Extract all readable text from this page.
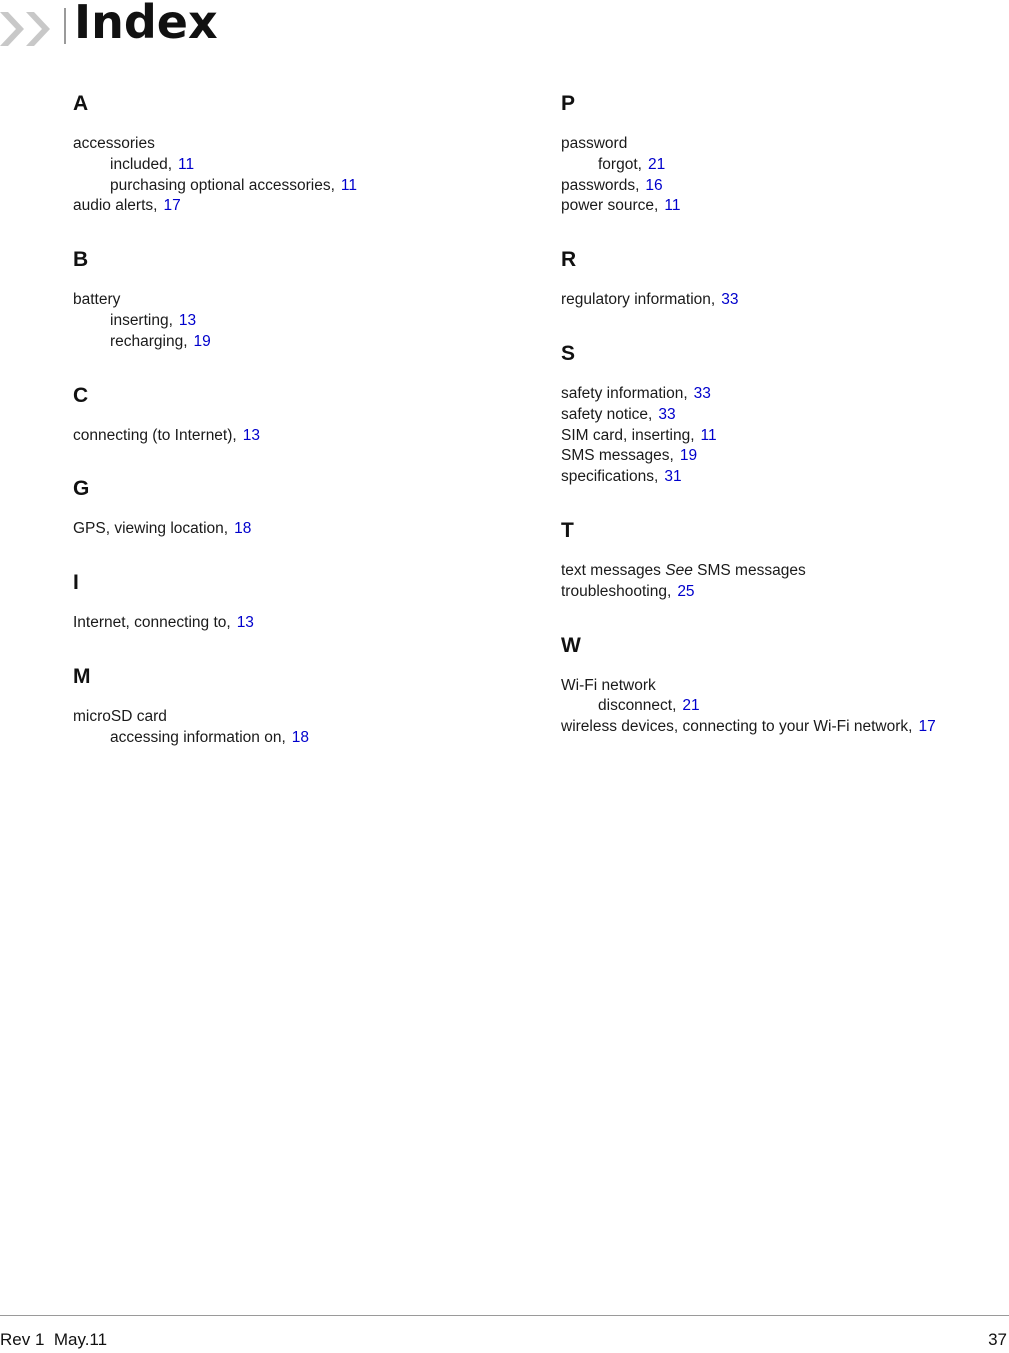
Index
A
accessories
included, 11
purchasing optional accessories, 11
audio alerts, 17
B
battery
inserting, 13
recharging, 19
C
connecting (to Internet), 13
G
GPS, viewing location, 18
I
Internet, connecting to, 13
M
microSD card
accessing information on, 18
P
password
forgot, 21
passwords, 16
power source, 11
R
regulatory information, 33
S
safety information, 33
safety notice, 33
SIM card, inserting, 11
SMS messages, 19
specifications, 31
T
text messages See SMS messages
troubleshooting, 25
W
Wi-Fi network
disconnect, 21
wireless devices, connecting to your Wi-Fi network, 17
Rev 1  May.11	37
